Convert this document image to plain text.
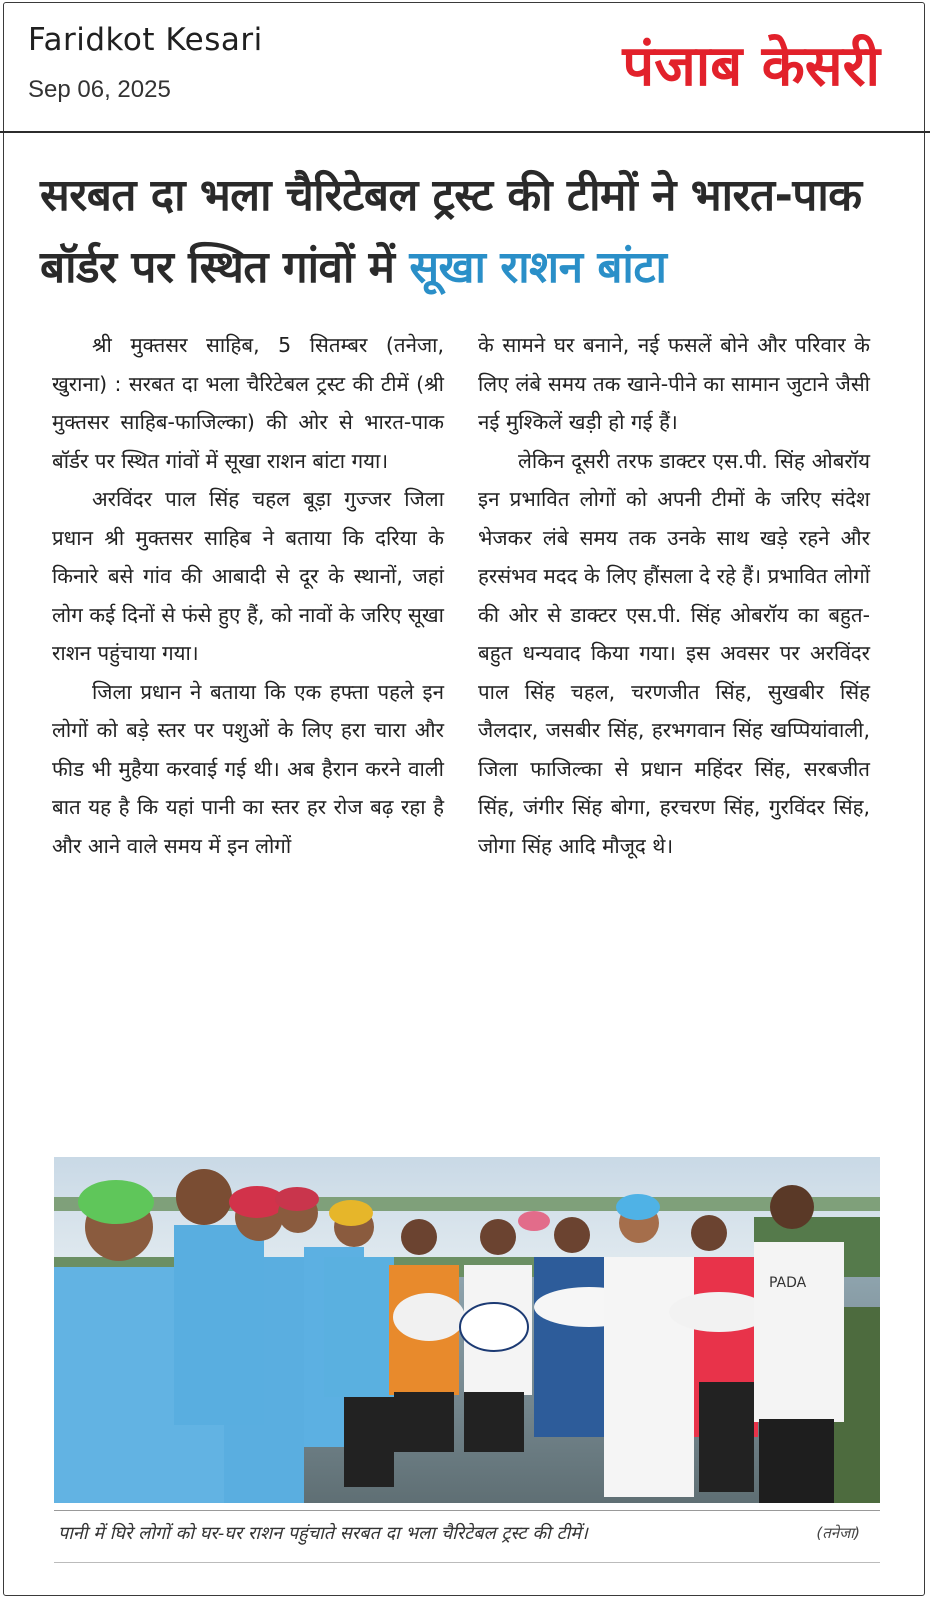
Faridkot Kesari
Sep 06, 2025	पंजाब केसरी
सरबत दा भला चैरिटेबल ट्रस्ट की टीमों ने भारत-पाक बॉर्डर पर स्थित गांवों में सूखा राशन बांटा

श्री मुक्तसर साहिब, 5 सितम्बर (तनेजा, खुराना) : सरबत दा भला चैरिटेबल ट्रस्ट की टीमें (श्री मुक्तसर साहिब-फाजिल्का) की ओर से भारत-पाक बॉर्डर पर स्थित गांवों में सूखा राशन बांटा गया।

अरविंदर पाल सिंह चहल बूड़ा गुज्जर जिला प्रधान श्री मुक्तसर साहिब ने बताया कि दरिया के किनारे बसे गांव की आबादी से दूर के स्थानों, जहां लोग कई दिनों से फंसे हुए हैं, को नावों के जरिए सूखा राशन पहुंचाया गया।

जिला प्रधान ने बताया कि एक हफ्ता पहले इन लोगों को बड़े स्तर पर पशुओं के लिए हरा चारा और फीड भी मुहैया करवाई गई थी। अब हैरान करने वाली बात यह है कि यहां पानी का स्तर हर रोज बढ़ रहा है और आने वाले समय में इन लोगों

के सामने घर बनाने, नई फसलें बोने और परिवार के लिए लंबे समय तक खाने-पीने का सामान जुटाने जैसी नई मुश्किलें खड़ी हो गई हैं।

लेकिन दूसरी तरफ डाक्टर एस.पी. सिंह ओबरॉय इन प्रभावित लोगों को अपनी टीमों के जरिए संदेश भेजकर लंबे समय तक उनके साथ खड़े रहने और हरसंभव मदद के लिए हौंसला दे रहे हैं। प्रभावित लोगों की ओर से डाक्टर एस.पी. सिंह ओबरॉय का बहुत-बहुत धन्यवाद किया गया। इस अवसर पर अरविंदर पाल सिंह चहल, चरणजीत सिंह, सुखबीर सिंह जैलदार, जसबीर सिंह, हरभगवान सिंह खप्पियांवाली, जिला फाजिल्का से प्रधान महिंदर सिंह, सरबजीत सिंह, जंगीर सिंह बोगा, हरचरण सिंह, गुरविंदर सिंह, जोगा सिंह आदि मौजूद थे।

PADA
पानी में घिरे लोगों को घर-घर राशन पहुंचाते सरबत दा भला चैरिटेबल ट्रस्ट की टीमें।	(तनेजा)
